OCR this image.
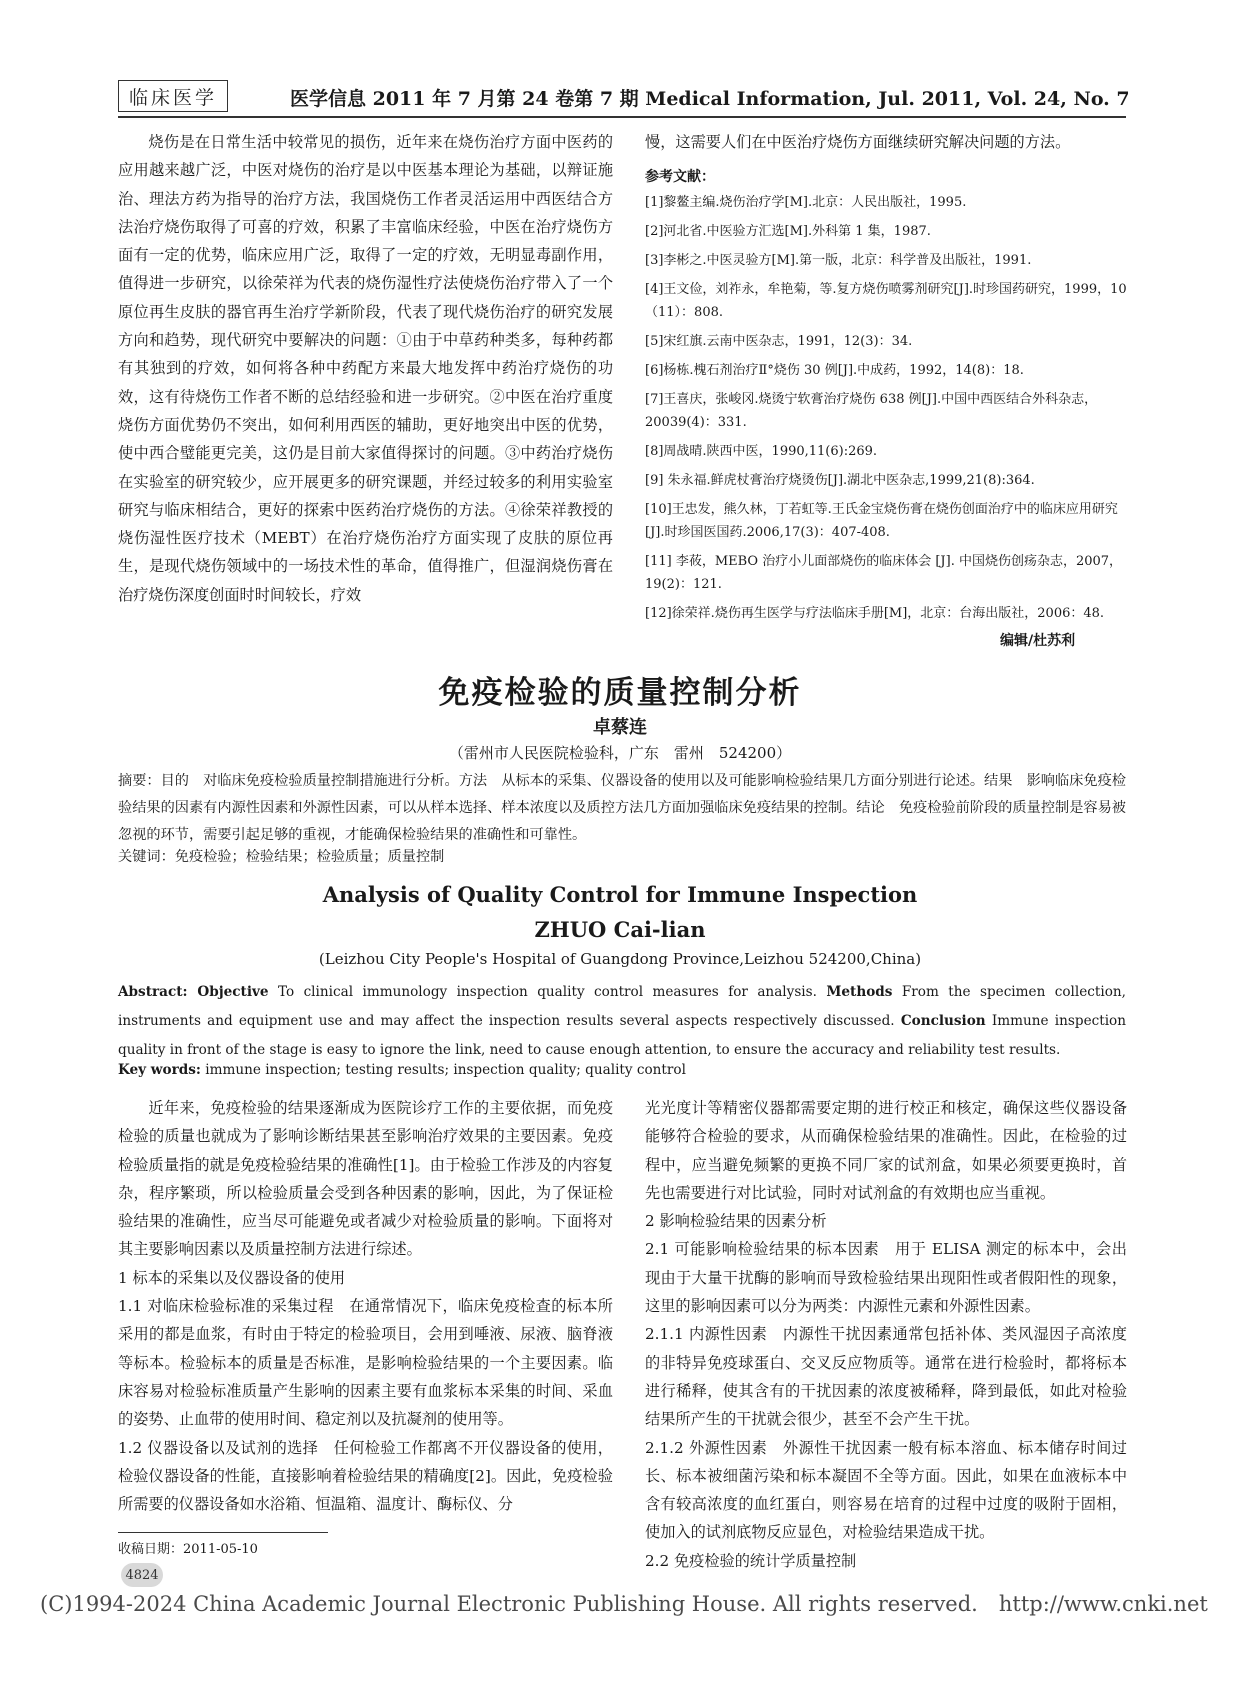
临床医学	医学信息 2011 年 7 月第 24 卷第 7 期 Medical Information, Jul. 2011, Vol. 24, No. 7

烧伤是在日常生活中较常见的损伤，近年来在烧伤治疗方面中医药的应用越来越广泛，中医对烧伤的治疗是以中医基本理论为基础，以辩证施治、理法方药为指导的治疗方法，我国烧伤工作者灵活运用中西医结合方法治疗烧伤取得了可喜的疗效，积累了丰富临床经验，中医在治疗烧伤方面有一定的优势，临床应用广泛，取得了一定的疗效，无明显毒副作用，值得进一步研究，以徐荣祥为代表的烧伤湿性疗法使烧伤治疗带入了一个原位再生皮肤的器官再生治疗学新阶段，代表了现代烧伤治疗的研究发展方向和趋势，现代研究中要解决的问题：①由于中草药种类多，每种药都有其独到的疗效，如何将各种中药配方来最大地发挥中药治疗烧伤的功效，这有待烧伤工作者不断的总结经验和进一步研究。②中医在治疗重度烧伤方面优势仍不突出，如何利用西医的辅助，更好地突出中医的优势，使中西合璧能更完美，这仍是目前大家值得探讨的问题。③中药治疗烧伤在实验室的研究较少，应开展更多的研究课题，并经过较多的利用实验室研究与临床相结合，更好的探索中医药治疗烧伤的方法。④徐荣祥教授的烧伤湿性医疗技术（MEBT）在治疗烧伤治疗方面实现了皮肤的原位再生，是现代烧伤领域中的一场技术性的革命，值得推广，但湿润烧伤膏在治疗烧伤深度创面时时间较长，疗效

慢，这需要人们在中医治疗烧伤方面继续研究解决问题的方法。

参考文献：
[1]黎鳌主编.烧伤治疗学[M].北京：人民出版社，1995.
[2]河北省.中医验方汇选[M].外科第 1 集，1987.
[3]李彬之.中医灵验方[M].第一版，北京：科学普及出版社，1991.
[4]王文俭，刘祚永，牟艳菊，等.复方烧伤喷雾剂研究[J].时珍国药研究，1999，10（11）：808.
[5]宋红旗.云南中医杂志，1991，12(3)：34.
[6]杨栋.槐石剂治疗Ⅱ°烧伤 30 例[J].中成药，1992，14(8)：18.
[7]王喜庆，张峻冈.烧烫宁软膏治疗烧伤 638 例[J].中国中西医结合外科杂志，20039(4)：331.
[8]周战晴.陕西中医，1990,11(6):269.
[9] 朱永福.鲜虎杖膏治疗烧烫伤[J].湖北中医杂志,1999,21(8):364.
[10]王忠发，熊久林，丁若虹等.王氏金宝烧伤膏在烧伤创面治疗中的临床应用研究[J].时珍国医国药.2006,17(3)：407-408.
[11] 李莜，MEBO 治疗小儿面部烧伤的临床体会 [J]. 中国烧伤创疡杂志，2007，19(2)：121.
[12]徐荣祥.烧伤再生医学与疗法临床手册[M]，北京：台海出版社，2006：48.
编辑/杜苏利
免疫检验的质量控制分析
卓蔡连
（雷州市人民医院检验科，广东　雷州　524200）
摘要：目的　对临床免疫检验质量控制措施进行分析。方法　从标本的采集、仪器设备的使用以及可能影响检验结果几方面分别进行论述。结果　影响临床免疫检验结果的因素有内源性因素和外源性因素，可以从样本选择、样本浓度以及质控方法几方面加强临床免疫结果的控制。结论　免疫检验前阶段的质量控制是容易被忽视的环节，需要引起足够的重视，才能确保检验结果的准确性和可靠性。
关键词：免疫检验；检验结果；检验质量；质量控制
Analysis of Quality Control for Immune Inspection
ZHUO Cai-lian
(Leizhou City People's Hospital of Guangdong Province,Leizhou 524200,China)
Abstract: Objective To clinical immunology inspection quality control measures for analysis. Methods From the specimen collection, instruments and equipment use and may affect the inspection results several aspects respectively discussed. Conclusion Immune inspection quality in front of the stage is easy to ignore the link, need to cause enough attention, to ensure the accuracy and reliability test results.
Key words: immune inspection; testing results; inspection quality; quality control

近年来，免疫检验的结果逐渐成为医院诊疗工作的主要依据，而免疫检验的质量也就成为了影响诊断结果甚至影响治疗效果的主要因素。免疫检验质量指的就是免疫检验结果的准确性[1]。由于检验工作涉及的内容复杂，程序繁琐，所以检验质量会受到各种因素的影响，因此，为了保证检验结果的准确性，应当尽可能避免或者减少对检验质量的影响。下面将对其主要影响因素以及质量控制方法进行综述。

1 标本的采集以及仪器设备的使用

1.1 对临床检验标准的采集过程　在通常情况下，临床免疫检查的标本所采用的都是血浆，有时由于特定的检验项目，会用到唾液、尿液、脑脊液等标本。检验标本的质量是否标准，是影响检验结果的一个主要因素。临床容易对检验标准质量产生影响的因素主要有血浆标本采集的时间、采血的姿势、止血带的使用时间、稳定剂以及抗凝剂的使用等。

1.2 仪器设备以及试剂的选择　任何检验工作都离不开仪器设备的使用，检验仪器设备的性能，直接影响着检验结果的精确度[2]。因此，免疫检验所需要的仪器设备如水浴箱、恒温箱、温度计、酶标仪、分

光光度计等精密仪器都需要定期的进行校正和核定，确保这些仪器设备能够符合检验的要求，从而确保检验结果的准确性。因此，在检验的过程中，应当避免频繁的更换不同厂家的试剂盒，如果必须要更换时，首先也需要进行对比试验，同时对试剂盒的有效期也应当重视。

2 影响检验结果的因素分析

2.1 可能影响检验结果的标本因素　用于 ELISA 测定的标本中，会出现由于大量干扰酶的影响而导致检验结果出现阳性或者假阳性的现象，这里的影响因素可以分为两类：内源性元素和外源性因素。

2.1.1 内源性因素　内源性干扰因素通常包括补体、类风湿因子高浓度的非特异免疫球蛋白、交叉反应物质等。通常在进行检验时，都将标本进行稀释，使其含有的干扰因素的浓度被稀释，降到最低，如此对检验结果所产生的干扰就会很少，甚至不会产生干扰。

2.1.2 外源性因素　外源性干扰因素一般有标本溶血、标本储存时间过长、标本被细菌污染和标本凝固不全等方面。因此，如果在血液标本中含有较高浓度的血红蛋白，则容易在培育的过程中过度的吸附于固相，使加入的试剂底物反应显色，对检验结果造成干扰。

2.2 免疫检验的统计学质量控制

收稿日期：2011-05-10
4824
(C)1994-2024 China Academic Journal Electronic Publishing House. All rights reserved.　http://www.cnki.net
